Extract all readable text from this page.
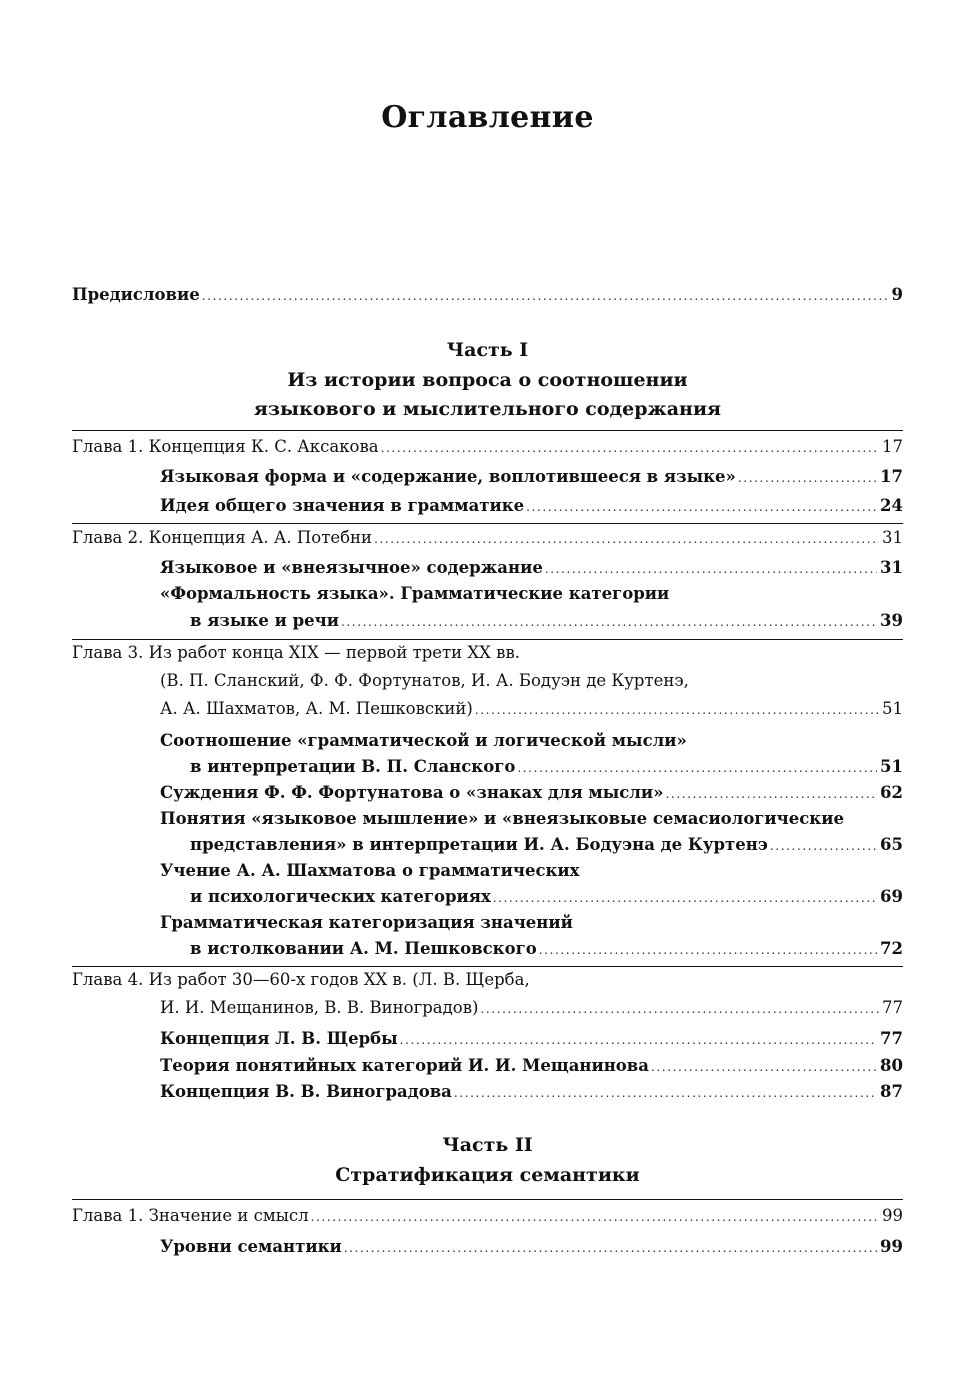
Оглавление
Предисловие .....	9
Часть I
Из истории вопроса о соотношении
языкового и мыслительного содержания
Глава 1. Концепция К. С. Аксакова .....	17
Языковая форма и «содержание, воплотившееся в языке» .....	17
Идея общего значения в грамматике .....	24
Глава 2. Концепция А. А. Потебни .....	31
Языковое и «внеязычное» содержание .....	31
«Формальность языка». Грамматические категории
в языке и речи .....	39
Глава 3. Из работ конца XIX — первой трети XX вв.
(В. П. Сланский, Ф. Ф. Фортунатов, И. А. Бодуэн де Куртенэ,
А. А. Шахматов, А. М. Пешковский) .....	51
Соотношение «грамматической и логической мысли»
в интерпретации В. П. Сланского .....	51
Суждения Ф. Ф. Фортунатова о «знаках для мысли» .....	62
Понятия «языковое мышление» и «внеязыковые семасиологические
представления» в интерпретации И. А. Бодуэна де Куртенэ .....	65
Учение А. А. Шахматова о грамматических
и психологических категориях .....	69
Грамматическая категоризация значений
в истолковании А. М. Пешковского .....	72
Глава 4. Из работ 30—60-х годов XX в. (Л. В. Щерба,
И. И. Мещанинов, В. В. Виноградов) .....	77
Концепция Л. В. Щербы .....	77
Теория понятийных категорий И. И. Мещанинова .....	80
Концепция В. В. Виноградова .....	87
Часть II
Стратификация семантики
Глава 1. Значение и смысл .....	99
Уровни семантики .....	99
